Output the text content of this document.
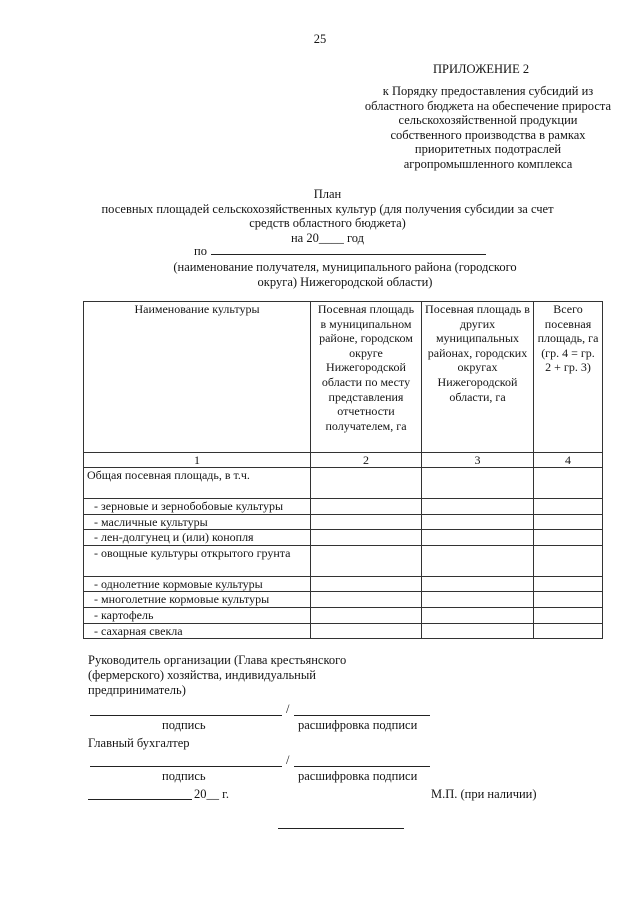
25
ПРИЛОЖЕНИЕ 2
к Порядку предоставления субсидий из областного бюджета на обеспечение прироста сельскохозяйственной продукции собственного производства в рамках приоритетных подотраслей агропромышленного комплекса
План
посевных площадей сельскохозяйственных культур (для получения субсидии за счет средств областного бюджета)
на 20____ год
по
(наименование получателя, муниципального района (городского округа) Нижегородской области)
Наименование культуры	Посевная площадь в муниципальном районе, городском округе Нижегородской области по месту представления отчетности получателем, га	Посевная площадь в других муниципальных районах, городских округах Нижегородской области, га	Всего посевная площадь, га (гр. 4 = гр. 2 + гр. 3)
1	2	3	4
Общая посевная площадь, в т.ч.			
- зерновые и зернобобовые культуры			
- масличные культуры			
- лен-долгунец и (или) конопля			
- овощные культуры открытого грунта			
- однолетние кормовые культуры			
- многолетние кормовые культуры			
- картофель			
- сахарная свекла			
Руководитель организации (Глава крестьянского (фермерского) хозяйства, индивидуальный предприниматель)
/
подпись	расшифровка подписи
Главный бухгалтер
/
подпись	расшифровка подписи
20__ г.	М.П. (при наличии)
